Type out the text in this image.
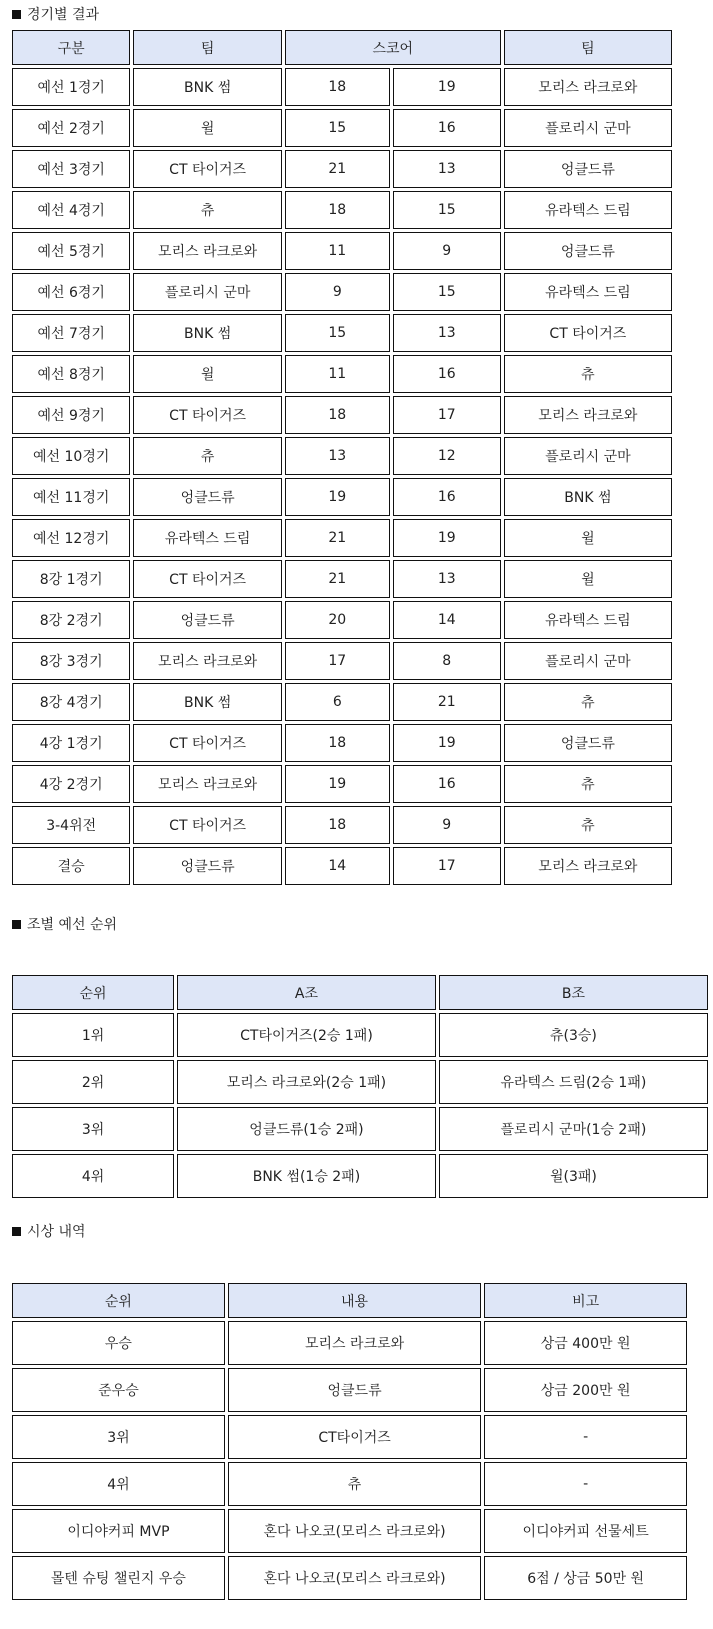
경기별 결과
구분	팀	스코어		팀
예선 1경기	BNK 썸	18	19	모리스 라크로와
예선 2경기	윌	15	16	플로리시 군마
예선 3경기	CT 타이거즈	21	13	엉클드류
예선 4경기	츄	18	15	유라텍스 드림
예선 5경기	모리스 라크로와	11	9	엉클드류
예선 6경기	플로리시 군마	9	15	유라텍스 드림
예선 7경기	BNK 썸	15	13	CT 타이거즈
예선 8경기	윌	11	16	츄
예선 9경기	CT 타이거즈	18	17	모리스 라크로와
예선 10경기	츄	13	12	플로리시 군마
예선 11경기	엉클드류	19	16	BNK 썸
예선 12경기	유라텍스 드림	21	19	윌
8강 1경기	CT 타이거즈	21	13	윌
8강 2경기	엉클드류	20	14	유라텍스 드림
8강 3경기	모리스 라크로와	17	8	플로리시 군마
8강 4경기	BNK 썸	6	21	츄
4강 1경기	CT 타이거즈	18	19	엉클드류
4강 2경기	모리스 라크로와	19	16	츄
3-4위전	CT 타이거즈	18	9	츄
결승	엉클드류	14	17	모리스 라크로와
조별 예선 순위
순위	A조	B조
1위	CT타이거즈(2승 1패)	츄(3승)
2위	모리스 라크로와(2승 1패)	유라텍스 드림(2승 1패)
3위	엉클드류(1승 2패)	플로리시 군마(1승 2패)
4위	BNK 썸(1승 2패)	윌(3패)
시상 내역
순위	내용	비고
우승	모리스 라크로와	상금 400만 원
준우승	엉클드류	상금 200만 원
3위	CT타이거즈	-
4위	츄	-
이디야커피 MVP	혼다 나오코(모리스 라크로와)	이디야커피 선물세트
몰텐 슈팅 챌린지 우승	혼다 나오코(모리스 라크로와)	6점 / 상금 50만 원
